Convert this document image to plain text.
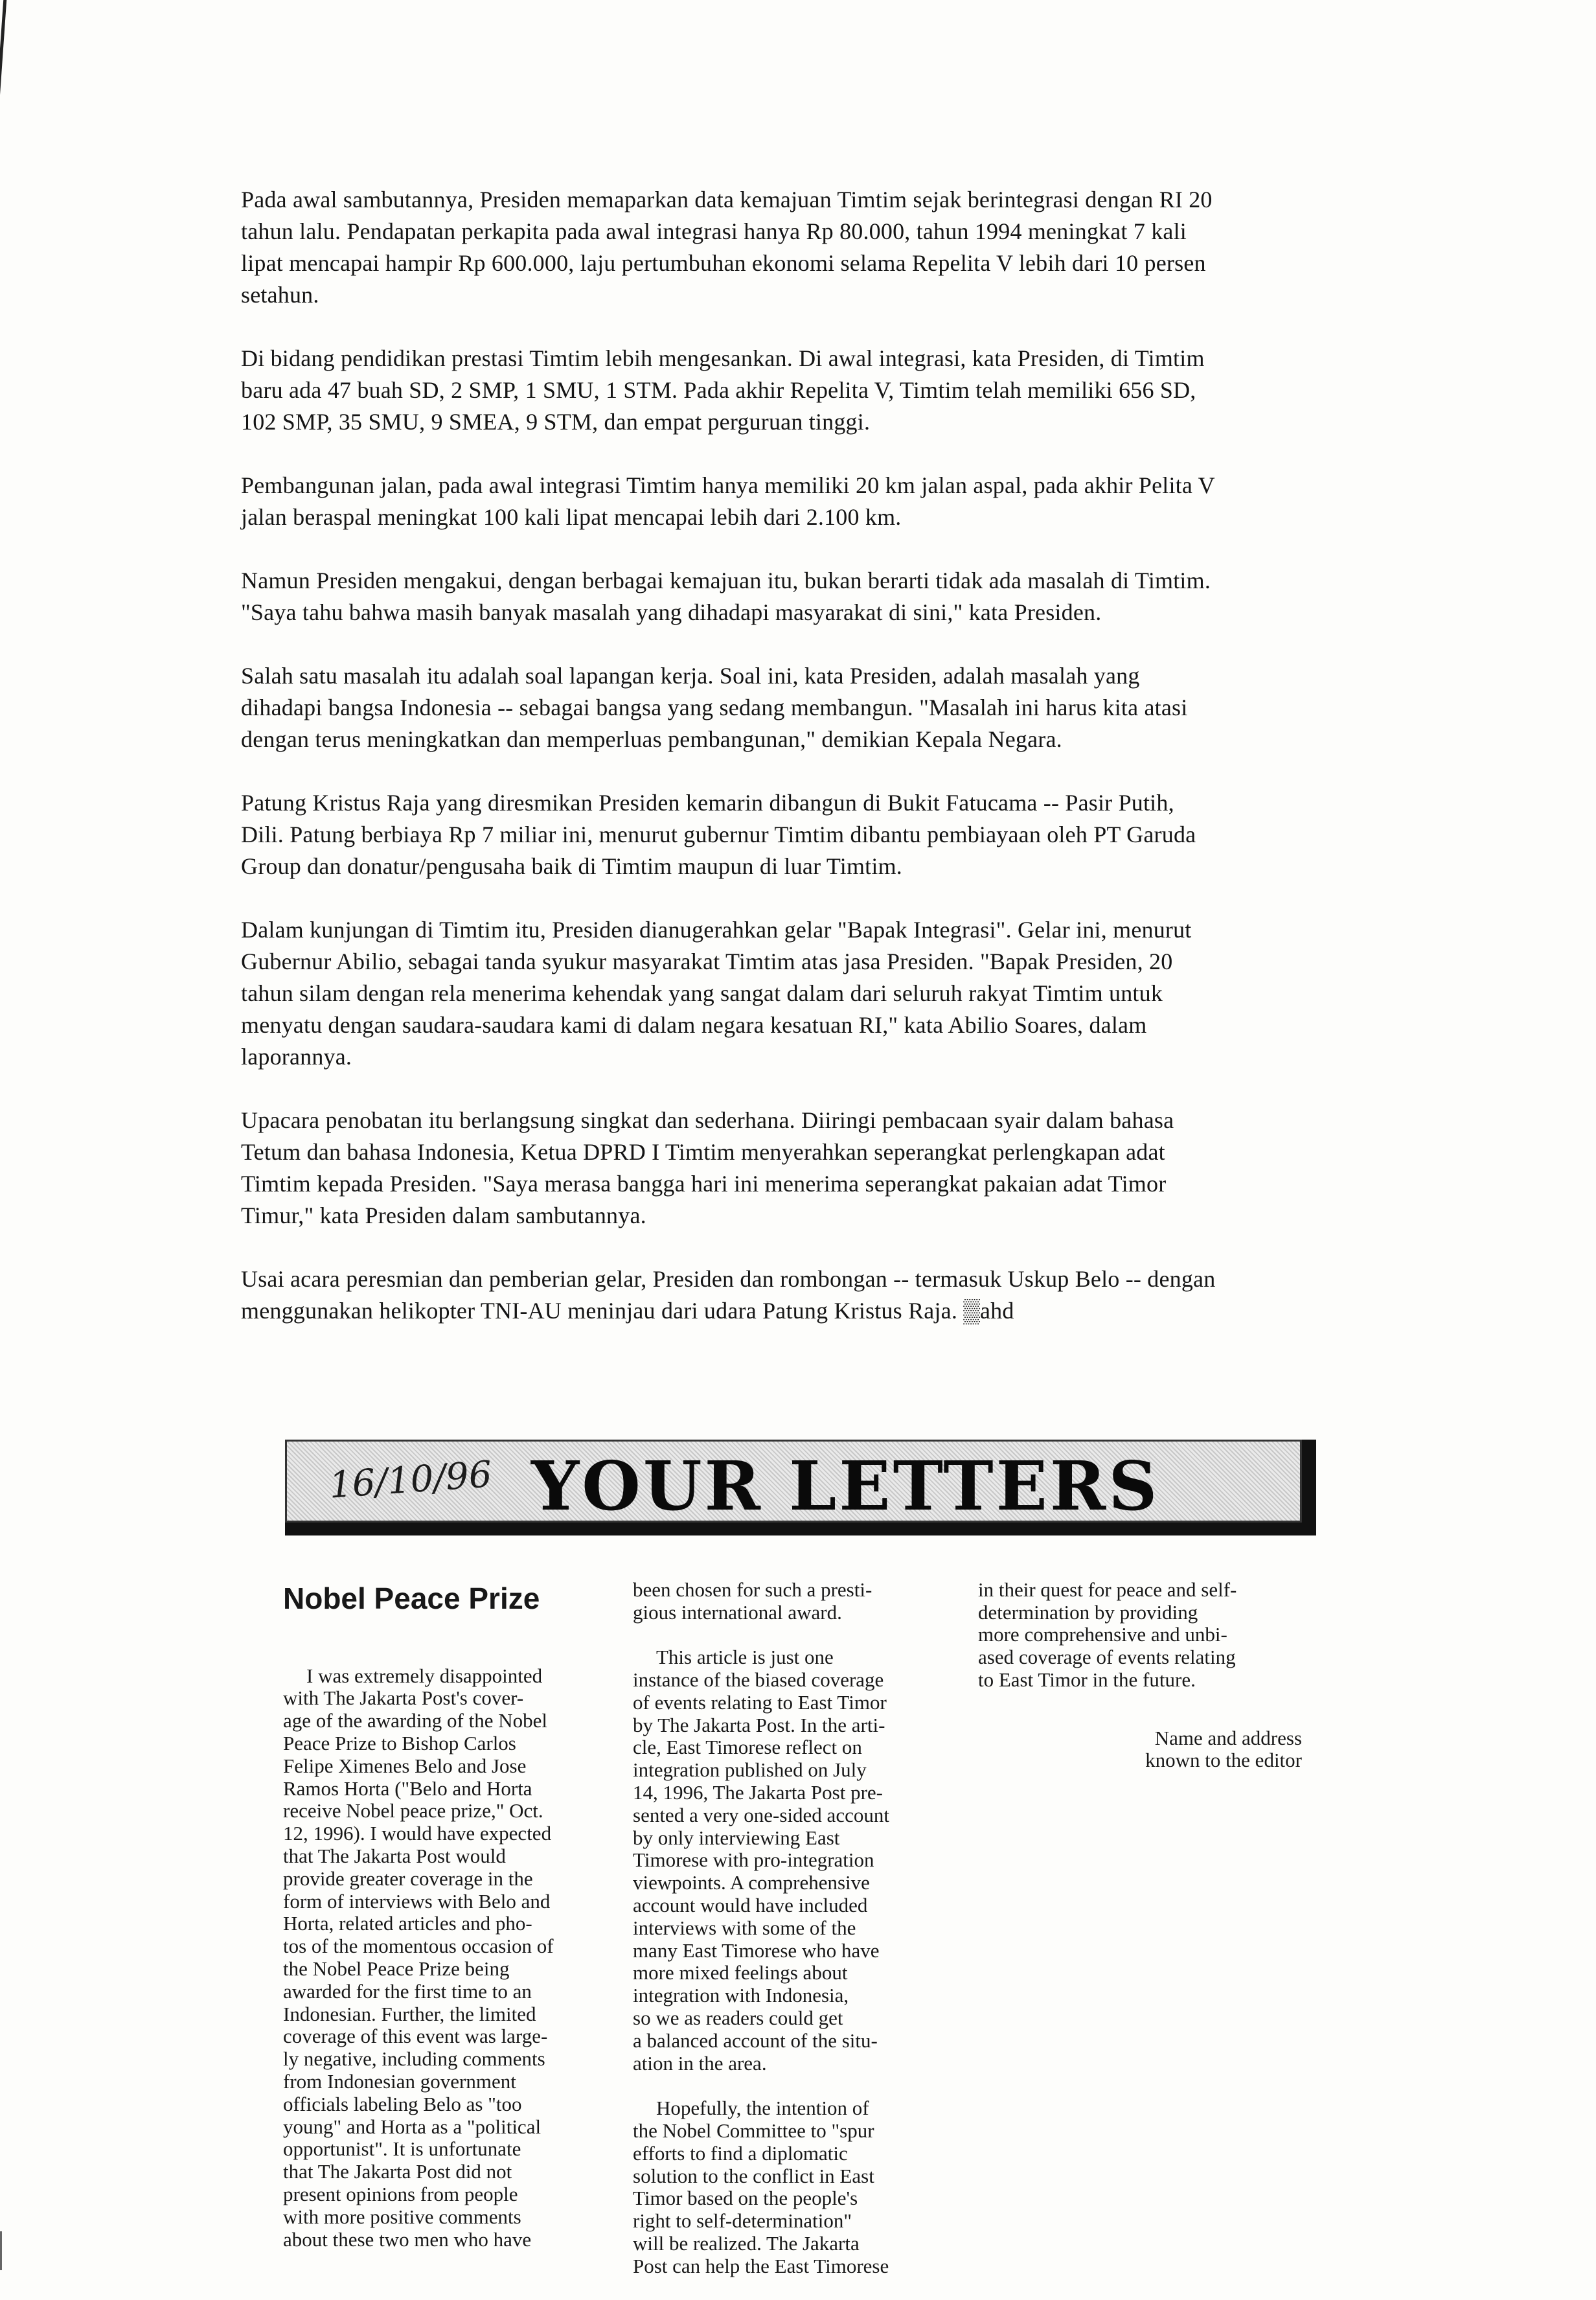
Pada awal sambutannya, Presiden memaparkan data kemajuan Timtim sejak berintegrasi dengan RI 20
tahun lalu. Pendapatan perkapita pada awal integrasi hanya Rp 80.000, tahun 1994 meningkat 7 kali
lipat mencapai hampir Rp 600.000, laju pertumbuhan ekonomi selama Repelita V lebih dari 10 persen
setahun.

Di bidang pendidikan prestasi Timtim lebih mengesankan. Di awal integrasi, kata Presiden, di Timtim
baru ada 47 buah SD, 2 SMP, 1 SMU, 1 STM. Pada akhir Repelita V, Timtim telah memiliki 656 SD,
102 SMP, 35 SMU, 9 SMEA, 9 STM, dan empat perguruan tinggi.

Pembangunan jalan, pada awal integrasi Timtim hanya memiliki 20 km jalan aspal, pada akhir Pelita V
jalan beraspal meningkat 100 kali lipat mencapai lebih dari 2.100 km.

Namun Presiden mengakui, dengan berbagai kemajuan itu, bukan berarti tidak ada masalah di Timtim.
"Saya tahu bahwa masih banyak masalah yang dihadapi masyarakat di sini," kata Presiden.

Salah satu masalah itu adalah soal lapangan kerja. Soal ini, kata Presiden, adalah masalah yang
dihadapi bangsa Indonesia -- sebagai bangsa yang sedang membangun. "Masalah ini harus kita atasi
dengan terus meningkatkan dan memperluas pembangunan," demikian Kepala Negara.

Patung Kristus Raja yang diresmikan Presiden kemarin dibangun di Bukit Fatucama -- Pasir Putih,
Dili. Patung berbiaya Rp 7 miliar ini, menurut gubernur Timtim dibantu pembiayaan oleh PT Garuda
Group dan donatur/pengusaha baik di Timtim maupun di luar Timtim.

Dalam kunjungan di Timtim itu, Presiden dianugerahkan gelar "Bapak Integrasi". Gelar ini, menurut
Gubernur Abilio, sebagai tanda syukur masyarakat Timtim atas jasa Presiden. "Bapak Presiden, 20
tahun silam dengan rela menerima kehendak yang sangat dalam dari seluruh rakyat Timtim untuk
menyatu dengan saudara-saudara kami di dalam negara kesatuan RI," kata Abilio Soares, dalam
laporannya.

Upacara penobatan itu berlangsung singkat dan sederhana. Diiringi pembacaan syair dalam bahasa
Tetum dan bahasa Indonesia, Ketua DPRD I Timtim menyerahkan seperangkat perlengkapan adat
Timtim kepada Presiden. "Saya merasa bangga hari ini menerima seperangkat pakaian adat Timor
Timur," kata Presiden dalam sambutannya.

Usai acara peresmian dan pemberian gelar, Presiden dan rombongan -- termasuk Uskup Belo -- dengan
menggunakan helikopter TNI-AU meninjau dari udara Patung Kristus Raja. ▒ahd

16/10/96 YOUR LETTERS

Nobel Peace Prize

I was extremely disappointed
with The Jakarta Post's cover-
age of the awarding of the Nobel
Peace Prize to Bishop Carlos
Felipe Ximenes Belo and Jose
Ramos Horta ("Belo and Horta
receive Nobel peace prize," Oct.
12, 1996). I would have expected
that The Jakarta Post would
provide greater coverage in the
form of interviews with Belo and
Horta, related articles and pho-
tos of the momentous occasion of
the Nobel Peace Prize being
awarded for the first time to an
Indonesian. Further, the limited
coverage of this event was large-
ly negative, including comments
from Indonesian government
officials labeling Belo as "too
young" and Horta as a "political
opportunist". It is unfortunate
that The Jakarta Post did not
present opinions from people
with more positive comments
about these two men who have

been chosen for such a presti-
gious international award.

This article is just one
instance of the biased coverage
of events relating to East Timor
by The Jakarta Post. In the arti-
cle, East Timorese reflect on
integration published on July
14, 1996, The Jakarta Post pre-
sented a very one-sided account
by only interviewing East
Timorese with pro-integration
viewpoints. A comprehensive
account would have included
interviews with some of the
many East Timorese who have
more mixed feelings about
integration with Indonesia,
so we as readers could get
a balanced account of the situ-
ation in the area.

Hopefully, the intention of
the Nobel Committee to "spur
efforts to find a diplomatic
solution to the conflict in East
Timor based on the people's
right to self-determination"
will be realized. The Jakarta
Post can help the East Timorese

in their quest for peace and self-
determination by providing
more comprehensive and unbi-
ased coverage of events relating
to East Timor in the future.

Name and address
known to the editor
